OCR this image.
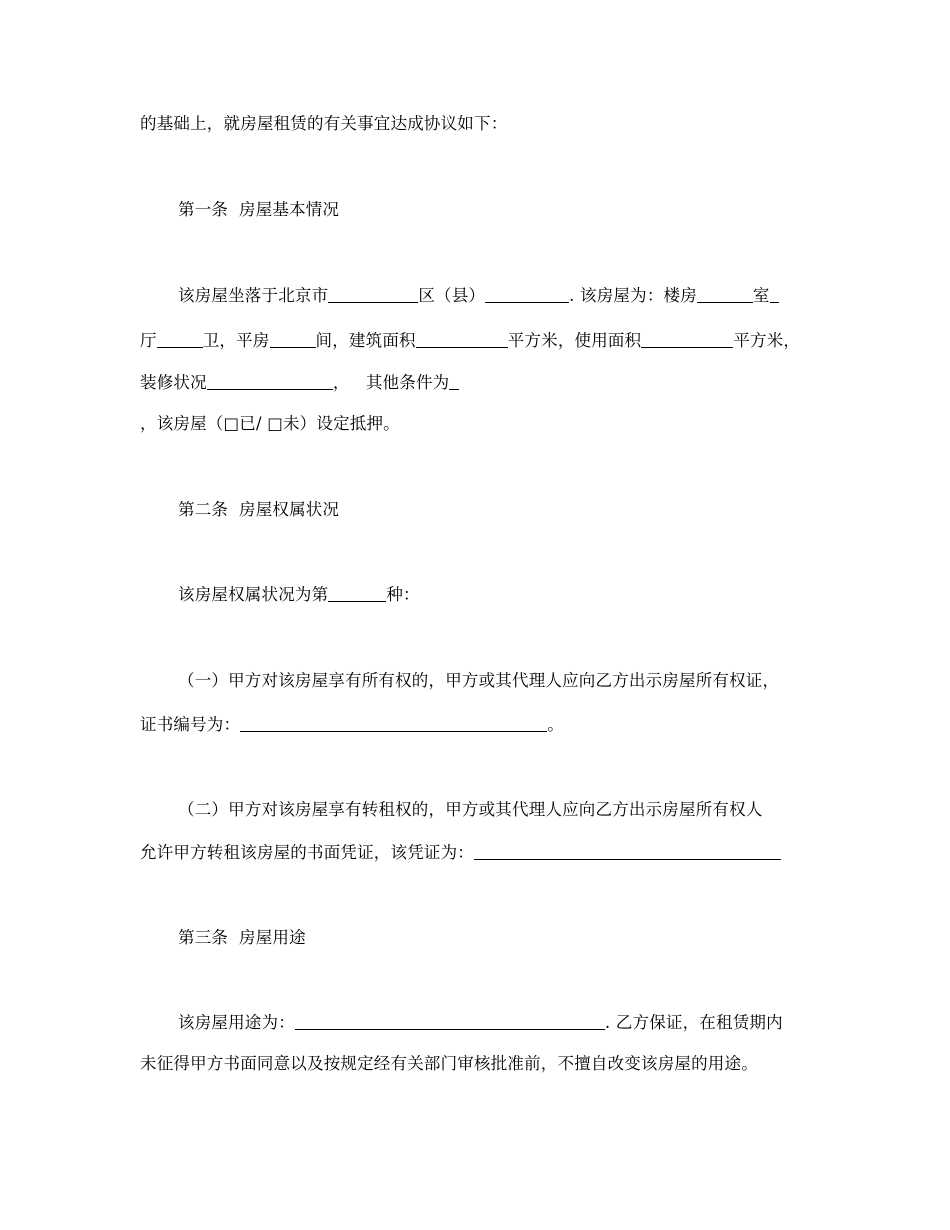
的基础上，就房屋租赁的有关事宜达成协议如下：
第一条  房屋基本情况
该房屋坐落于北京市	区（县）	. 该房屋为：楼房	室
厅	卫，平房	间，建筑面积	平方米，使用面积	平方米，
装修状况	，   其他条件为
，该房屋（□已/ □未）设定抵押。
第二条  房屋权属状况
该房屋权属状况为第	种：
（一）甲方对该房屋享有所有权的，甲方或其代理人应向乙方出示房屋所有权证，
证书编号为：	。
（二）甲方对该房屋享有转租权的，甲方或其代理人应向乙方出示房屋所有权人
允许甲方转租该房屋的书面凭证，该凭证为：
第三条  房屋用途
该房屋用途为：	. 乙方保证，在租赁期内
未征得甲方书面同意以及按规定经有关部门审核批准前，不擅自改变该房屋的用途。
